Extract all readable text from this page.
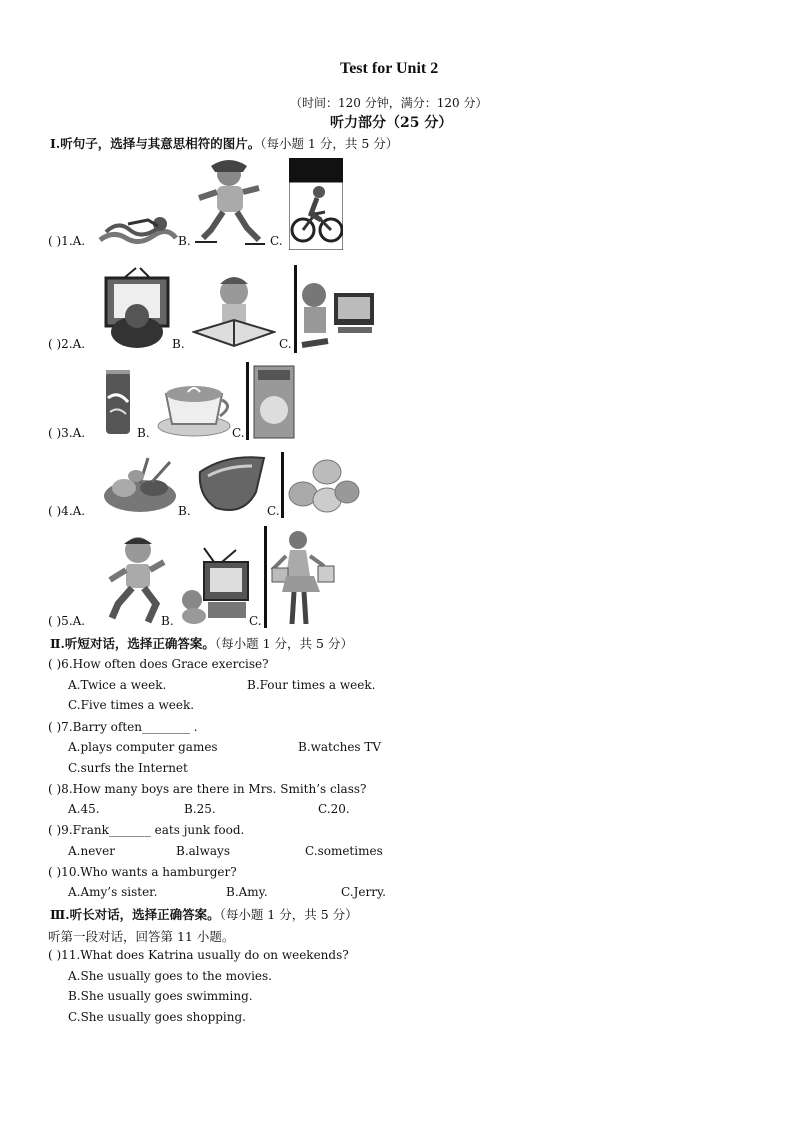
Test for Unit 2
（时间：120 分钟，满分：120 分）
听力部分（25 分）
Ⅰ.听句子，选择与其意思相符的图片。（每小题 1 分，共 5 分）
( )1.A.	B.	C.
( )2.A.	B.	C.
( )3.A.	B.	C.
( )4.A.	B.	C.
( )5.A.	B.	C.
Ⅱ.听短对话，选择正确答案。（每小题 1 分，共 5 分）
( )6.How often does Grace exercise?
A.Twice a week.	B.Four times a week.
C.Five times a week.
( )7.Barry often________ .
A.plays computer games	B.watches TV
C.surfs the Internet
( )8.How many boys are there in Mrs. Smith’s class?
A.45.	B.25.	C.20.
( )9.Frank_______ eats junk food.
A.never	B.always	C.sometimes
( )10.Who wants a hamburger?
A.Amy’s sister.	B.Amy.	C.Jerry.
Ⅲ.听长对话，选择正确答案。（每小题 1 分，共 5 分）
听第一段对话，回答第 11 小题。
( )11.What does Katrina usually do on weekends?
A.She usually goes to the movies.
B.She usually goes swimming.
C.She usually goes shopping.
